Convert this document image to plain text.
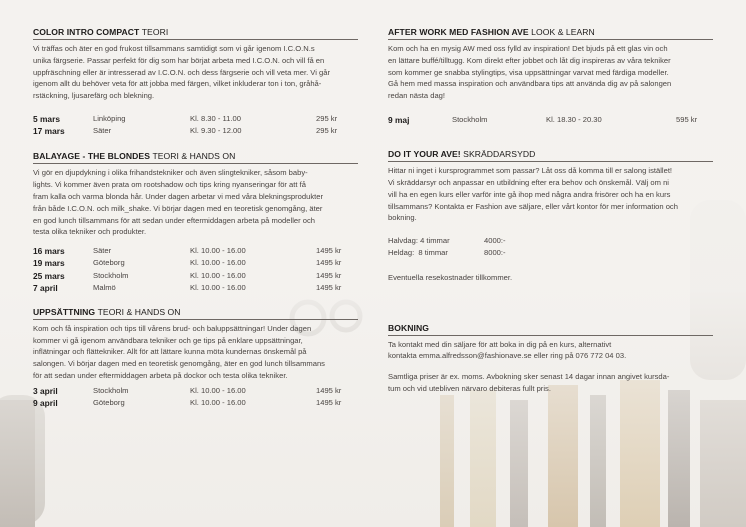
COLOR INTRO COMPACT TEORI

Vi träffas och äter en god frukost tillsammans samtidigt som vi går igenom I.C.O.N.s
unika färgserie. Passar perfekt för dig som har börjat arbeta med I.C.O.N. och vill få en
uppfräschning eller är intresserad av I.C.O.N. och dess färgserie och vill veta mer. Vi går
igenom allt du behöver veta för att jobba med färgen, vilket inkluderar ton i ton, gråhå-
rstäckning, ljusarefärg och blekning.

5 mars	Linköping	Kl. 8.30 - 11.00	295 kr
17 mars	Säter	Kl. 9.30 - 12.00	295 kr
BALAYAGE - THE BLONDES TEORI & HANDS ON

Vi gör en djupdykning i olika frihandstekniker och även slingtekniker, såsom baby-
lights. Vi kommer även prata om rootshadow och tips kring nyanseringar för att få
fram kalla och varma blonda hår. Under dagen arbetar vi med våra blekningsprodukter
från både I.C.O.N. och milk_shake. Vi börjar dagen med en teoretisk genomgång, äter
en god lunch tillsammans för att sedan under eftermiddagen arbeta på modeller och
testa olika tekniker och produkter.

16 mars	Säter	Kl. 10.00 - 16.00	1495 kr
19 mars	Göteborg	Kl. 10.00 - 16.00	1495 kr
25 mars	Stockholm	Kl. 10.00 - 16.00	1495 kr
7 april	Malmö	Kl. 10.00 - 16.00	1495 kr
UPPSÄTTNING TEORI & HANDS ON

Kom och få inspiration och tips till vårens brud- och baluppsättningar! Under dagen
kommer vi gå igenom användbara tekniker och ge tips på enklare uppsättningar,
inflätningar och flättekniker. Allt för att lättare kunna möta kundernas önskemål på
salongen. Vi börjar dagen med en teoretisk genomgång, äter en god lunch tillsammans
för att sedan under eftermiddagen arbeta på dockor och testa olika tekniker.

3 april	Stockholm	Kl. 10.00 - 16.00	1495 kr
9 april	Göteborg	Kl. 10.00 - 16.00	1495 kr
AFTER WORK MED FASHION AVE LOOK & LEARN

Kom och ha en mysig AW med oss fylld av inspiration! Det bjuds på ett glas vin och
en lättare buffé/tilltugg. Kom direkt efter jobbet och låt dig inspireras av våra tekniker
som kommer ge snabba stylingtips, visa uppsättningar varvat med färdiga modeller.
Gå hem med massa inspiration och användbara tips att använda dig av på salongen
redan nästa dag!

9 maj	Stockholm	Kl. 18.30 - 20.30	595 kr
DO IT YOUR AVE! SKRÄDDARSYDD

Hittar ni inget i kursprogrammet som passar? Låt oss då komma till er salong istället!
Vi skräddarsyr och anpassar en utbildning efter era behov och önskemål. Välj om ni
vill ha en egen kurs eller varför inte gå ihop med några andra frisörer och ha en kurs
tillsammans? Kontakta er Fashion ave säljare, eller vårt kontor för mer information och
bokning.

Halvdag: 4 timmar	4000:-
Heldag:  8 timmar	8000:-
Eventuella resekostnader tillkommer.
BOKNING

Ta kontakt med din säljare för att boka in dig på en kurs, alternativt
kontakta emma.alfredsson@fashionave.se eller ring på 076 772 04 03.

Samtliga priser är ex. moms. Avbokning sker senast 14 dagar innan angivet kursda-
tum och vid utebliven närvaro debiteras fullt pris.
